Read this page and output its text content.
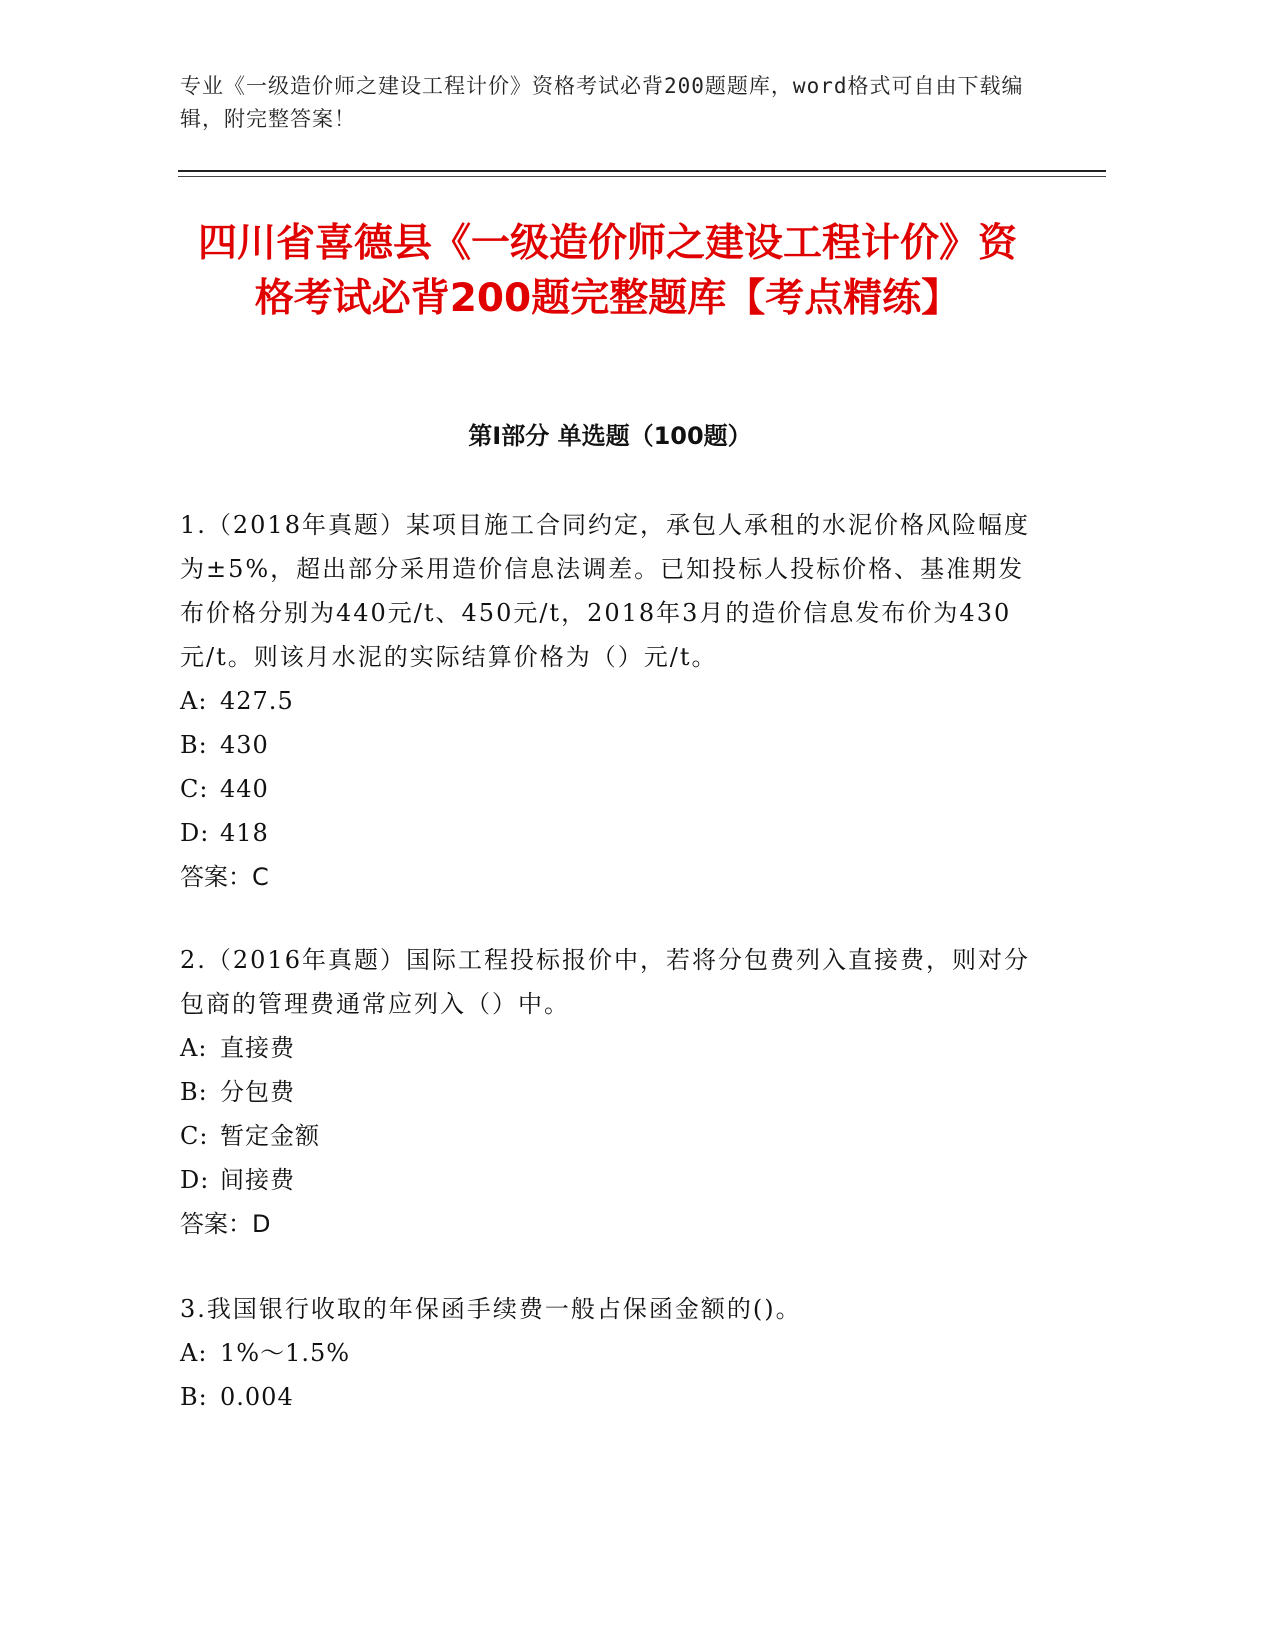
专业《一级造价师之建设工程计价》资格考试必背200题题库，word格式可自由下载编辑，附完整答案！
四川省喜德县《一级造价师之建设工程计价》资格考试必背200题完整题库【考点精练】
第I部分 单选题（100题）

1.（2018年真题）某项目施工合同约定，承包人承租的水泥价格风险幅度为±5%，超出部分采用造价信息法调差。已知投标人投标价格、基准期发布价格分别为440元/t、450元/t，2018年3月的造价信息发布价为430元/t。则该月水泥的实际结算价格为（）元/t。

A: 427.5

B: 430

C: 440

D: 418

答案：C

2.（2016年真题）国际工程投标报价中，若将分包费列入直接费，则对分包商的管理费通常应列入（）中。

A: 直接费

B: 分包费

C: 暂定金额

D: 间接费

答案：D

3.我国银行收取的年保函手续费一般占保函金额的()。

A: 1%～1.5%

B: 0.004
